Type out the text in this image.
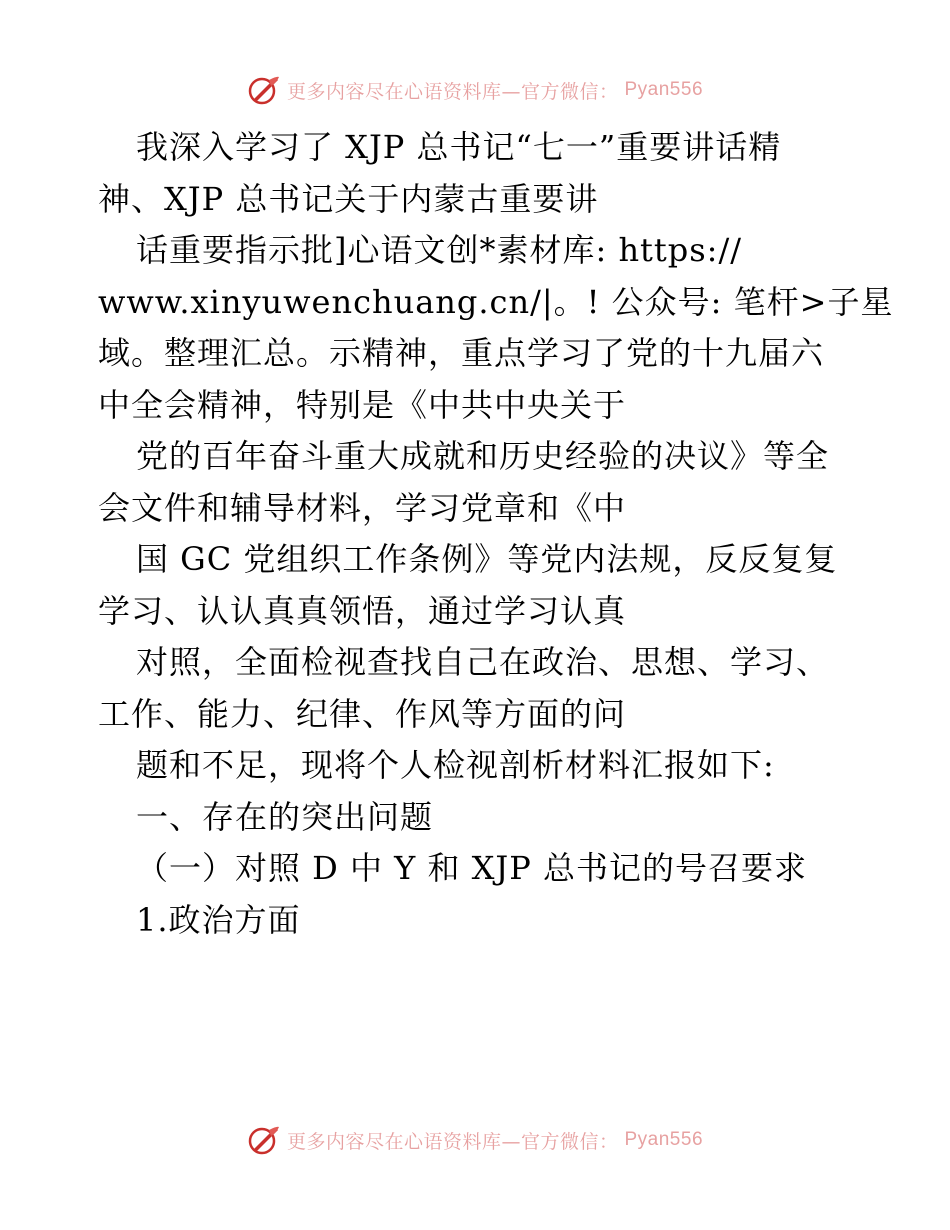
更多内容尽在心语资料库—官方微信： Pyan556
我深入学习了 XJP 总书记“七一”重要讲话精
神、XJP 总书记关于内蒙古重要讲
话重要指示批]心语文创*素材库: https://
www.xinyuwenchuang.cn/|。! 公众号: 笔杆>子星
域。整理汇总。示精神，重点学习了党的十九届六
中全会精神，特别是《中共中央关于
党的百年奋斗重大成就和历史经验的决议》等全
会文件和辅导材料，学习党章和《中
国 GC 党组织工作条例》等党内法规，反反复复
学习、认认真真领悟，通过学习认真
对照，全面检视查找自己在政治、思想、学习、
工作、能力、纪律、作风等方面的问
题和不足，现将个人检视剖析材料汇报如下:
一、存在的突出问题
（一）对照 D 中 Y 和 XJP 总书记的号召要求
1.政治方面
更多内容尽在心语资料库—官方微信： Pyan556
